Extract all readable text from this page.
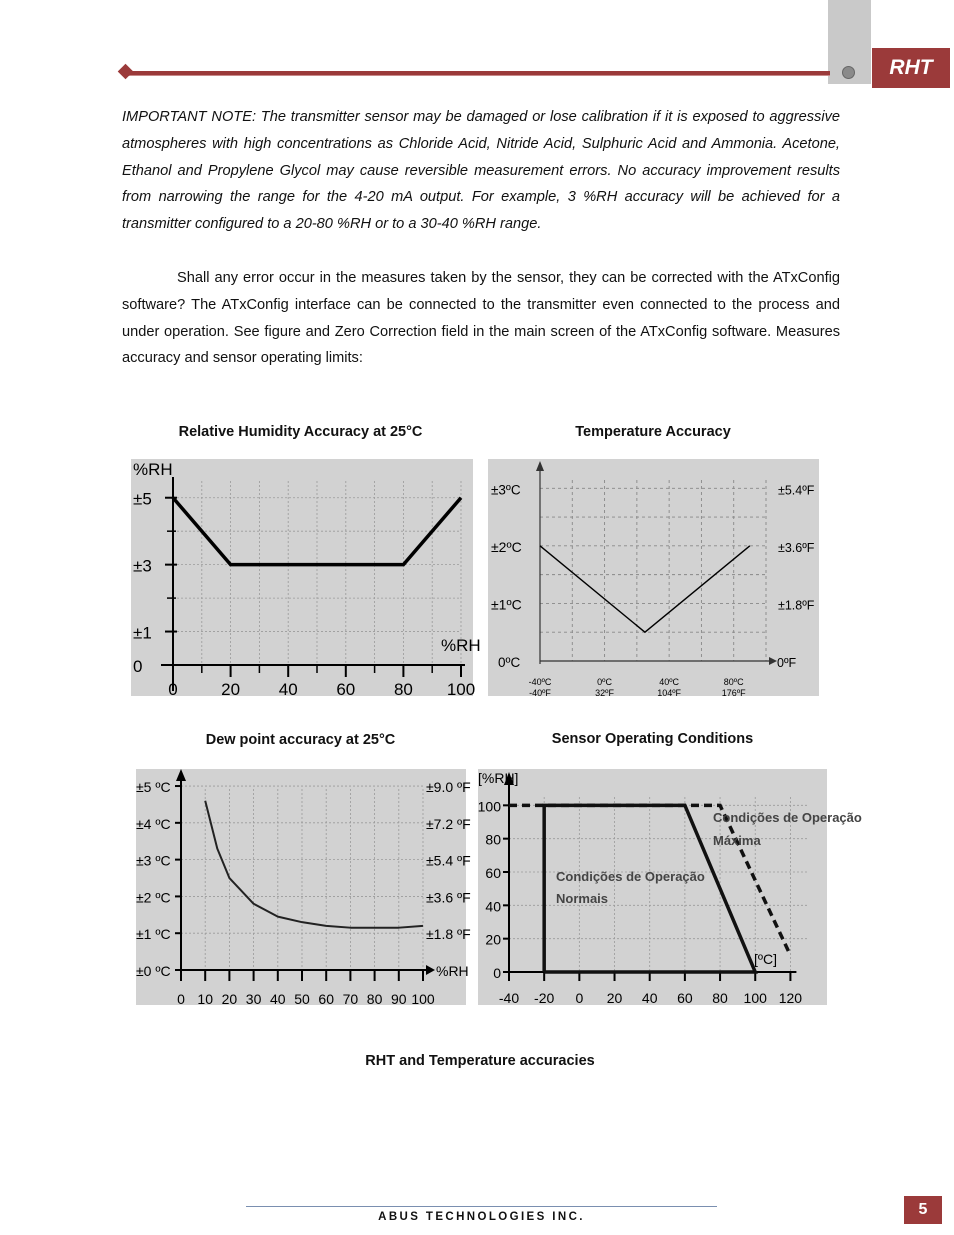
RHT

IMPORTANT NOTE: The transmitter sensor may be damaged or lose calibration if it is exposed to aggressive atmospheres with high concentrations as Chloride Acid, Nitride Acid, Sulphuric Acid and Ammonia. Acetone, Ethanol and Propylene Glycol may cause reversible measurement errors. No accuracy improvement results from narrowing the range for the 4-20 mA output. For example, 3 %RH accuracy will be achieved for a transmitter configured to a 20-80 %RH or to a 30-40 %RH range.

Shall any error occur in the measures taken by the sensor, they can be corrected with the ATxConfig software? The ATxConfig interface can be connected to the transmitter even connected to the process and under operation. See figure and Zero Correction field in the main screen of the ATxConfig software. Measures accuracy and sensor operating limits:

Relative Humidity Accuracy at 25°C	Temperature Accuracy
Dew point accuracy at 25°C	Sensor Operating Conditions
0	20 40 60 80 100
±5
±3
±1
0
%RH
%RH
±3ºC
±2ºC
±1ºC
0ºC
±5.4ºF
±3.6ºF
±1.8ºF
0ºF
-40ºC	0ºC	40ºC	80ºC
-40ºF	32ºF	104ºF	176ºF
±5 ºC
±4 ºC
±3 ºC
±2 ºC
±1 ºC
±0 ºC
±9.0 ºF
±7.2 ºF
±5.4 ºF
±3.6 ºF
±1.8 ºF
%RH
0 10 20 30 40 50 60 70 80 90 100
[%RH]
[ºC]
100
80
60
40
20
0
-40 -20 0 20 40 60 80 100 120
Condições de Operação
Normais
Condições de Operação
Máxima
RHT and Temperature accuracies
ABUS TECHNOLOGIES INC.	5
